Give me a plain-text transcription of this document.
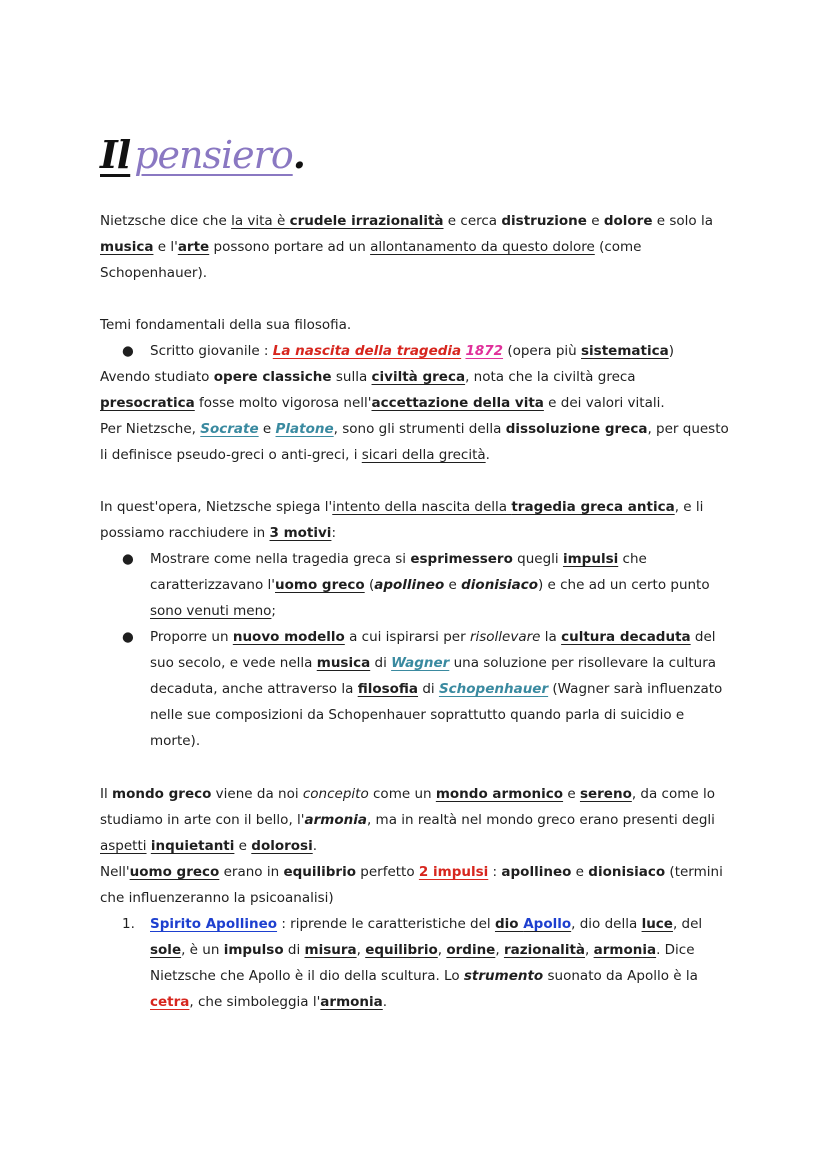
Il pensiero.

Nietzsche dice che la vita è crudele irrazionalità e cerca distruzione e dolore e solo la musica e l'arte possono portare ad un allontanamento da questo dolore (come Schopenhauer).

Temi fondamentali della sua filosofia.

● Scritto giovanile : La nascita della tragedia 1872 (opera più sistematica)

Avendo studiato opere classiche sulla civiltà greca, nota che la civiltà greca presocratica fosse molto vigorosa nell'accettazione della vita e dei valori vitali.

Per Nietzsche, Socrate e Platone, sono gli strumenti della dissoluzione greca, per questo li definisce pseudo-greci o anti-greci, i sicari della grecità.

In quest'opera, Nietzsche spiega l'intento della nascita della tragedia greca antica, e li possiamo racchiudere in 3 motivi:

● Mostrare come nella tragedia greca si esprimessero quegli impulsi che caratterizzavano l'uomo greco (apollineo e dionisiaco) e che ad un certo punto sono venuti meno;
● Proporre un nuovo modello a cui ispirarsi per risollevare la cultura decaduta del suo secolo, e vede nella musica di Wagner una soluzione per risollevare la cultura decaduta, anche attraverso la filosofia di Schopenhauer (Wagner sarà influenzato nelle sue composizioni da Schopenhauer soprattutto quando parla di suicidio e morte).

Il mondo greco viene da noi concepito come un mondo armonico e sereno, da come lo studiamo in arte con il bello, l'armonia, ma in realtà nel mondo greco erano presenti degli aspetti inquietanti e dolorosi.

Nell'uomo greco erano in equilibrio perfetto 2 impulsi : apollineo e dionisiaco (termini che influenzeranno la psicoanalisi)

1. Spirito Apollineo : riprende le caratteristiche del dio Apollo, dio della luce, del sole, è un impulso di misura, equilibrio, ordine, razionalità, armonia. Dice Nietzsche che Apollo è il dio della scultura. Lo strumento suonato da Apollo è la cetra, che simboleggia l'armonia.
